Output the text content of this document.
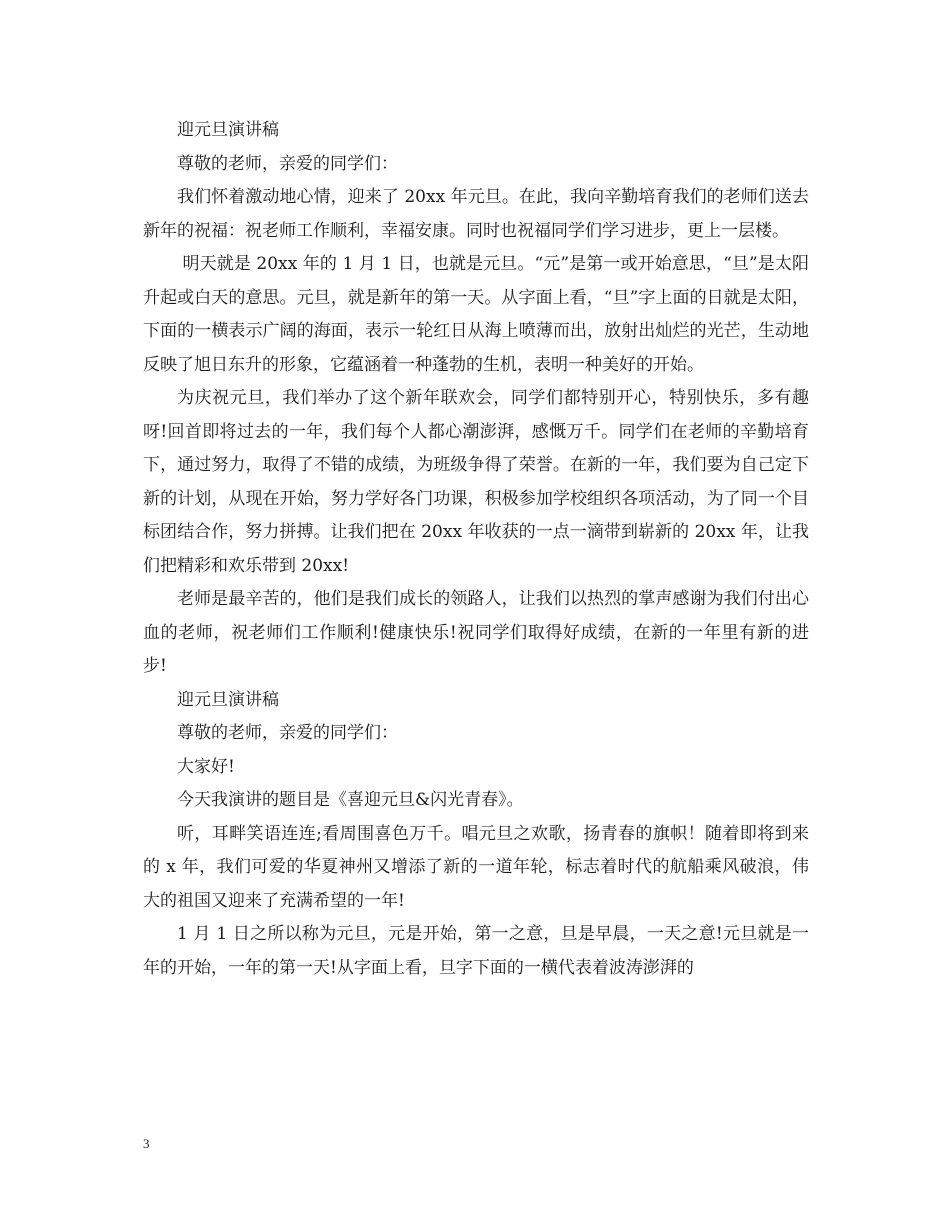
迎元旦演讲稿

尊敬的老师，亲爱的同学们：

我们怀着激动地心情，迎来了 20xx 年元旦。在此，我向辛勤培育我们的老师们送去新年的祝福：祝老师工作顺利，幸福安康。同时也祝福同学们学习进步，更上一层楼。

明天就是 20xx 年的 1 月 1 日，也就是元旦。“元”是第一或开始意思，“旦”是太阳升起或白天的意思。元旦，就是新年的第一天。从字面上看，“旦”字上面的日就是太阳，下面的一横表示广阔的海面，表示一轮红日从海上喷薄而出，放射出灿烂的光芒，生动地反映了旭日东升的形象，它蕴涵着一种蓬勃的生机，表明一种美好的开始。

为庆祝元旦，我们举办了这个新年联欢会，同学们都特别开心，特别快乐，多有趣呀!回首即将过去的一年，我们每个人都心潮澎湃，感慨万千。同学们在老师的辛勤培育下，通过努力，取得了不错的成绩，为班级争得了荣誉。在新的一年，我们要为自己定下新的计划，从现在开始，努力学好各门功课，积极参加学校组织各项活动，为了同一个目标团结合作，努力拼搏。让我们把在 20xx 年收获的一点一滴带到崭新的 20xx 年，让我们把精彩和欢乐带到 20xx!

老师是最辛苦的，他们是我们成长的领路人，让我们以热烈的掌声感谢为我们付出心血的老师，祝老师们工作顺利!健康快乐!祝同学们取得好成绩，在新的一年里有新的进步!

迎元旦演讲稿

尊敬的老师，亲爱的同学们：

大家好!

今天我演讲的题目是《喜迎元旦&闪光青春》。

听，耳畔笑语连连;看周围喜色万千。唱元旦之欢歌，扬青春的旗帜！随着即将到来的 x 年，我们可爱的华夏神州又增添了新的一道年轮，标志着时代的航船乘风破浪，伟大的祖国又迎来了充满希望的一年!

1 月 1 日之所以称为元旦，元是开始，第一之意，旦是早晨，一天之意!元旦就是一年的开始，一年的第一天!从字面上看，旦字下面的一横代表着波涛澎湃的

3
